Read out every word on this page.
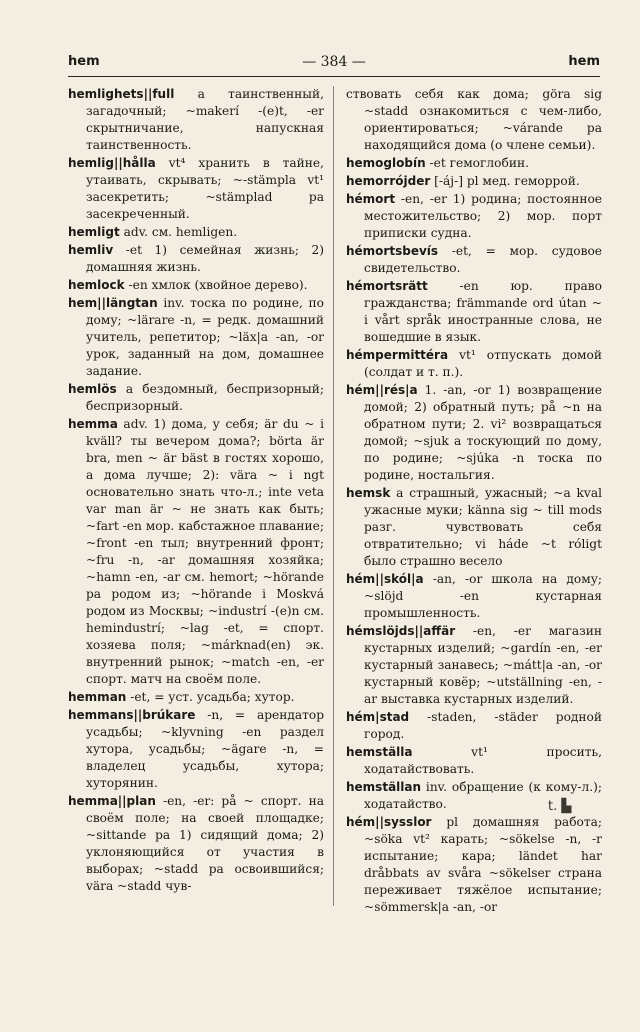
hem	— 384 —	hem
hemlighets||full a таинственный, загадочный; ~makerí -(e)t, -er скрытничание, напускная таинственность.
hemlig||hålla vt⁴ хранить в тайне, утаивать, скрывать; ~-stämpla vt¹ засекретить; ~stämplad pa засекреченный.
hemligt adv. см. hemligen.
hemliv -et 1) семейная жизнь; 2) домашняя жизнь.
hemlock -en хмлок (хвойное дерево).
hem||längtan inv. тоска по родине, по дому; ~lärare -n, = редк. домашний учитель, репетитор; ~läx|a -an, -or урок, заданный на дом, домашнее задание.
hemlös a бездомный, беспризорный; беспризорный.
hemma adv. 1) дома, у себя; är du ~ i kväll? ты вечером дома?; börta är bra, men ~ är bäst в гостях хорошо, а дома лучше; 2): vära ~ i ngt основательно знать что-л.; inte veta var man är ~ не знать как быть; ~fart -en мор. кабстажное плавание; ~front -en тыл; внутренний фронт; ~fru -n, -ar домашняя хозяйка; ~hamn -en, -ar см. hemort; ~hörande pa родом из; ~hörande i Moskvá родом из Москвы; ~industrí -(e)n см. hemindustrí; ~lag -et, = спорт. хозяева поля; ~márknad(en) эк. внутренний рынок; ~match -en, -er спорт. матч на своём поле.
hemman -et, = уст. усадьба; хутор.
hemmans||brúkare -n, = арендатор усадьбы; ~klyvning -en раздел хутора, усадьбы; ~ägare -n, = владелец усадьбы, хутора; хуторянин.
hemma||plan -en, -er: på ~ спорт. на своём поле; на своей площадке; ~sittande pa 1) сидящий дома; 2) уклоняющийся от участия в выборах; ~stadd pa освоившийся; vära ~stadd чув-
ствовать себя как дома; göra sig ~stadd ознакомиться с чем-либо, ориентироваться; ~várande pa находящийся дома (о члене семьи).
hemoglobín -et гемоглобин.
hemorrójder [-áj-] pl мед. геморрой.
hémort -en, -er 1) родина; постоянное местожительство; 2) мор. порт приписки судна.
hémortsbevís -et, = мор. судовое свидетельство.
hémortsrätt -en юр. право гражданства; främmande ord útan ~ i vårt språk иностранные слова, не вошедшие в язык.
hémpermittéra vt¹ отпускать домой (солдат и т. п.).
hém||rés|a 1. -an, -or 1) возвращение домой; 2) обратный путь; på ~n на обратном пути; 2. vi² возвращаться домой; ~sjuk a тоскующий по дому, по родине; ~sjúka -n тоска по родине, ностальгия.
hemsk a страшный, ужасный; ~a kval ужасные муки; känna sig ~ till mods разг. чувствовать себя отвратительно; vi háde ~t róligt было страшно весело
hém||skól|a -an, -or школа на дому; ~slöjd -en кустарная промышленность.
hémslöjds||affär -en, -er магазин кустарных изделий; ~gardín -en, -er кустарный занавесь; ~mátt|a -an, -or кустарный ковёр; ~utställning -en, -ar выставка кустарных изделий.
hém|stad -staden, -städer родной город.
hemställa vt¹ просить, ходатайствовать.
hemställan inv. обращение (к кому-л.); ходатайство.
hém||sysslor pl домашняя работа; ~söka vt² карать; ~sökelse -n, -r испытание; кара; ländet har dråbbats av svåra ~sökelser страна переживает тяжёлое испытание; ~sömmersk|a -an, -or
t. ▙
